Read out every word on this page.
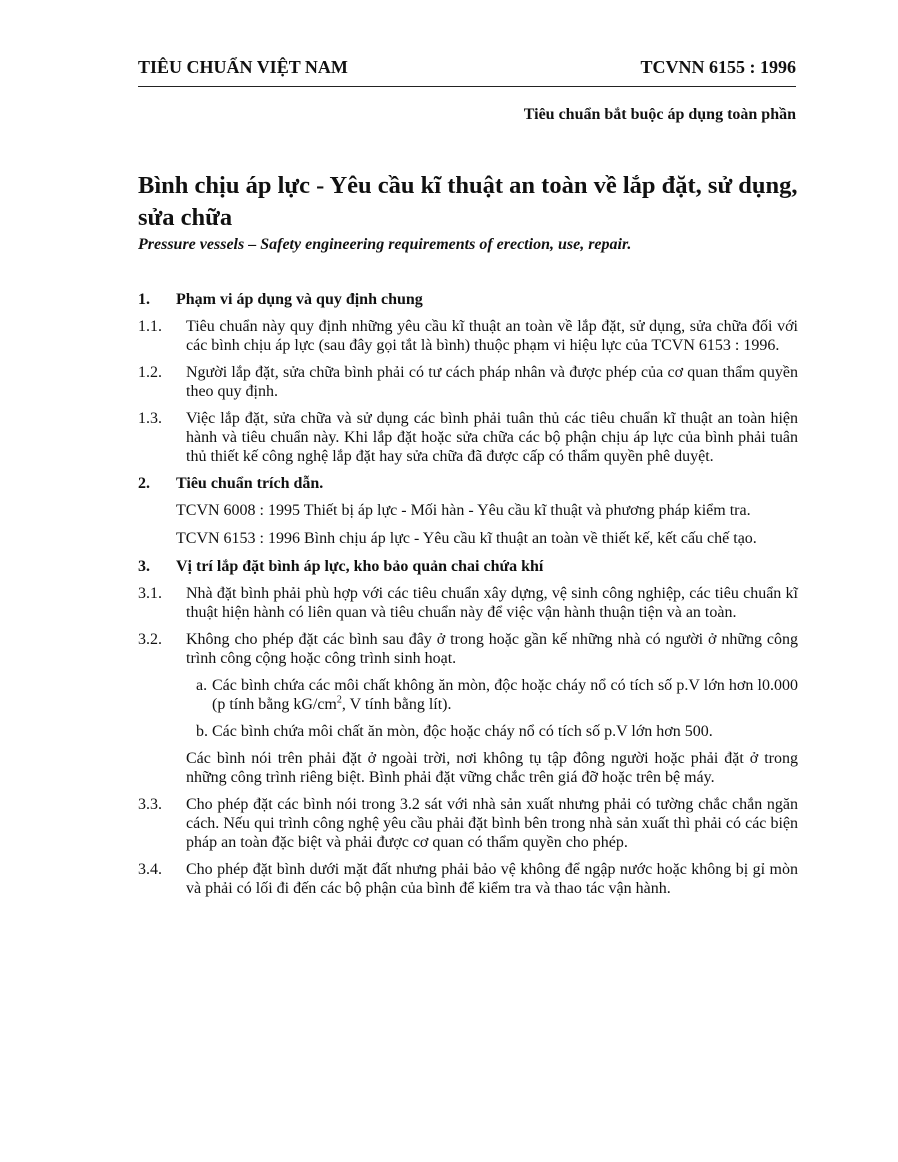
TIÊU CHUẨN VIỆT NAM	TCVNN 6155 : 1996
Tiêu chuẩn bắt buộc áp dụng toàn phần
Bình chịu áp lực - Yêu cầu kĩ thuật an toàn về lắp đặt, sử dụng, sửa chữa
Pressure vessels – Safety engineering requirements of erection, use, repair.
1.	Phạm vi áp dụng và quy định chung
1.1.	Tiêu chuẩn này quy định những yêu cầu kĩ thuật an toàn về lắp đặt, sử dụng, sửa chữa đối với các bình chịu áp lực (sau đây gọi tắt là bình) thuộc phạm vi hiệu lực của TCVN 6153 : 1996.
1.2.	Người lắp đặt, sửa chữa bình phải có tư cách pháp nhân và được phép của cơ quan thẩm quyền theo quy định.
1.3.	Việc lắp đặt, sửa chữa và sử dụng các bình phải tuân thủ các tiêu chuẩn kĩ thuật an toàn hiện hành và tiêu chuẩn này. Khi lắp đặt hoặc sửa chữa các bộ phận chịu áp lực của bình phải tuân thủ thiết kế công nghệ lắp đặt hay sửa chữa đã được cấp có thẩm quyền phê duyệt.
2.	Tiêu chuẩn trích dẫn.
TCVN 6008 : 1995 Thiết bị áp lực - Mối hàn - Yêu cầu kĩ thuật và phương pháp kiểm tra.
TCVN 6153 : 1996 Bình chịu áp lực - Yêu cầu kĩ thuật an toàn về thiết kế, kết cấu chế tạo.
3.	Vị trí lắp đặt bình áp lực, kho bảo quản chai chứa khí
3.1.	Nhà đặt bình phải phù hợp với các tiêu chuẩn xây dựng, vệ sinh công nghiệp, các tiêu chuẩn kĩ thuật hiện hành có liên quan và tiêu chuẩn này để việc vận hành thuận tiện và an toàn.
3.2.	Không cho phép đặt các bình sau đây ở trong hoặc gần kế những nhà có người ở những công trình công cộng hoặc công trình sinh hoạt.
a. Các bình chứa các môi chất không ăn mòn, độc hoặc cháy nổ có tích số p.V lớn hơn l0.000 (p tính bằng $kG/cm^2$, V tính bằng lít).
b. Các bình chứa môi chất ăn mòn, độc hoặc cháy nổ có tích số p.V lớn hơn 500.
Các bình nói trên phải đặt ở ngoài trời, nơi không tụ tập đông người hoặc phải đặt ở trong những công trình riêng biệt. Bình phải đặt vững chắc trên giá đỡ hoặc trên bệ máy.
3.3.	Cho phép đặt các bình nói trong 3.2 sát với nhà sản xuất nhưng phải có tường chắc chắn ngăn cách. Nếu qui trình công nghệ yêu cầu phải đặt bình bên trong nhà sản xuất thì phải có các biện pháp an toàn đặc biệt và phải được cơ quan có thẩm quyền cho phép.
3.4.	Cho phép đặt bình dưới mặt đất nhưng phải bảo vệ không để ngập nước hoặc không bị gỉ mòn và phải có lối đi đến các bộ phận của bình để kiểm tra và thao tác vận hành.
